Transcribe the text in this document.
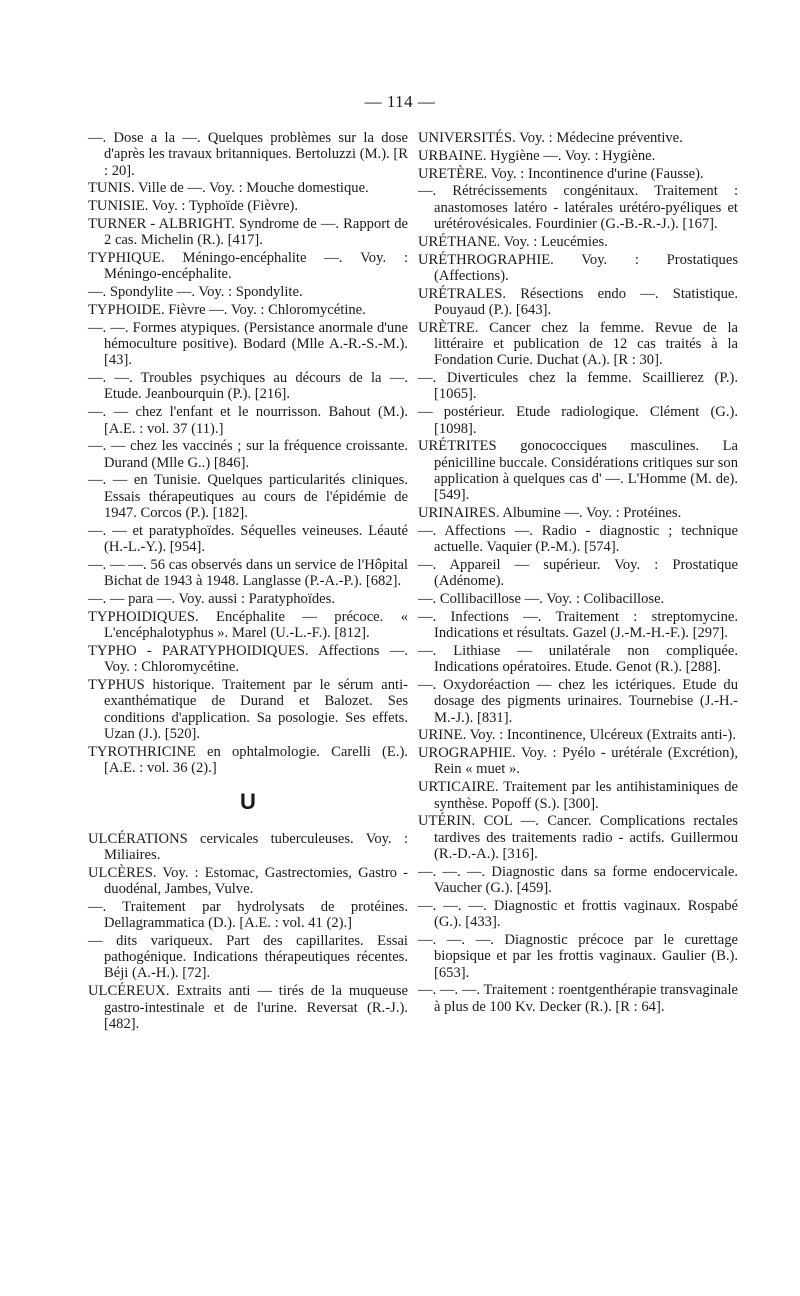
— 114 —

—. Dose a la —. Quelques problèmes sur la dose d'après les travaux britanniques. Bertoluzzi (M.). [R : 20].

TUNIS. Ville de —. Voy. : Mouche domestique.

TUNISIE. Voy. : Typhoïde (Fièvre).

TURNER - ALBRIGHT. Syndrome de —. Rapport de 2 cas. Michelin (R.). [417].

TYPHIQUE. Méningo-encéphalite —. Voy. : Méningo-encéphalite.

—. Spondylite —. Voy. : Spondylite.

TYPHOIDE. Fièvre —. Voy. : Chloromycétine.

—. —. Formes atypiques. (Persistance anormale d'une hémoculture positive). Bodard (Mlle A.-R.-S.-M.). [43].

—. —. Troubles psychiques au décours de la —. Etude. Jeanbourquin (P.). [216].

—. — chez l'enfant et le nourrisson. Bahout (M.). [A.E. : vol. 37 (11).]

—. — chez les vaccinés ; sur la fréquence croissante. Durand (Mlle G..) [846].

—. — en Tunisie. Quelques particularités cliniques. Essais thérapeutiques au cours de l'épidémie de 1947. Corcos (P.). [182].

—. — et paratyphoïdes. Séquelles veineuses. Léauté (H.-L.-Y.). [954].

—. — —. 56 cas observés dans un service de l'Hôpital Bichat de 1943 à 1948. Langlasse (P.-A.-P.). [682].

—. — para —. Voy. aussi : Paratyphoïdes.

TYPHOIDIQUES. Encéphalite — précoce. « L'encéphalotyphus ». Marel (U.-L.-F.). [812].

TYPHO - PARATYPHOIDIQUES. Affections —. Voy. : Chloromycétine.

TYPHUS historique. Traitement par le sérum anti-exanthématique de Durand et Balozet. Ses conditions d'application. Sa posologie. Ses effets. Uzan (J.). [520].

TYROTHRICINE en ophtalmologie. Carelli (E.). [A.E. : vol. 36 (2).]

U

ULCÉRATIONS cervicales tuberculeuses. Voy. : Miliaires.

ULCÈRES. Voy. : Estomac, Gastrectomies, Gastro - duodénal, Jambes, Vulve.

—. Traitement par hydrolysats de protéines. Dellagrammatica (D.). [A.E. : vol. 41 (2).]

— dits variqueux. Part des capillarites. Essai pathogénique. Indications thérapeutiques récentes. Béji (A.-H.). [72].

ULCÉREUX. Extraits anti — tirés de la muqueuse gastro-intestinale et de l'urine. Reversat (R.-J.). [482].

UNIVERSITÉS. Voy. : Médecine préventive.

URBAINE. Hygiène —. Voy. : Hygiène.

URETÈRE. Voy. : Incontinence d'urine (Fausse).

—. Rétrécissements congénitaux. Traitement : anastomoses latéro - latérales urétéro-pyéliques et urétérovésicales. Fourdinier (G.-B.-R.-J.). [167].

URÉTHANE. Voy. : Leucémies.

URÉTHROGRAPHIE. Voy. : Prostatiques (Affections).

URÉTRALES. Résections endo —. Statistique. Pouyaud (P.). [643].

URÈTRE. Cancer chez la femme. Revue de la littéraire et publication de 12 cas traités à la Fondation Curie. Duchat (A.). [R : 30].

—. Diverticules chez la femme. Scaillierez (P.). [1065].

— postérieur. Etude radiologique. Clément (G.). [1098].

URÉTRITES gonococciques masculines. La pénicilline buccale. Considérations critiques sur son application à quelques cas d' —. L'Homme (M. de). [549].

URINAIRES. Albumine —. Voy. : Protéines.

—. Affections —. Radio - diagnostic ; technique actuelle. Vaquier (P.-M.). [574].

—. Appareil — supérieur. Voy. : Prostatique (Adénome).

—. Collibacillose —. Voy. : Colibacillose.

—. Infections —. Traitement : streptomycine. Indications et résultats. Gazel (J.-M.-H.-F.). [297].

—. Lithiase — unilatérale non compliquée. Indications opératoires. Etude. Genot (R.). [288].

—. Oxydoréaction — chez les ictériques. Etude du dosage des pigments urinaires. Tournebise (J.-H.-M.-J.). [831].

URINE. Voy. : Incontinence, Ulcéreux (Extraits anti-).

UROGRAPHIE. Voy. : Pyélo - urétérale (Excrétion), Rein « muet ».

URTICAIRE. Traitement par les antihistaminiques de synthèse. Popoff (S.). [300].

UTÉRIN. COL —. Cancer. Complications rectales tardives des traitements radio - actifs. Guillermou (R.-D.-A.). [316].

—. —. —. Diagnostic dans sa forme endocervicale. Vaucher (G.). [459].

—. —. —. Diagnostic et frottis vaginaux. Rospabé (G.). [433].

—. —. —. Diagnostic précoce par le curettage biopsique et par les frottis vaginaux. Gaulier (B.). [653].

—. —. —. Traitement : roentgenthérapie transvaginale à plus de 100 Kv. Decker (R.). [R : 64].
